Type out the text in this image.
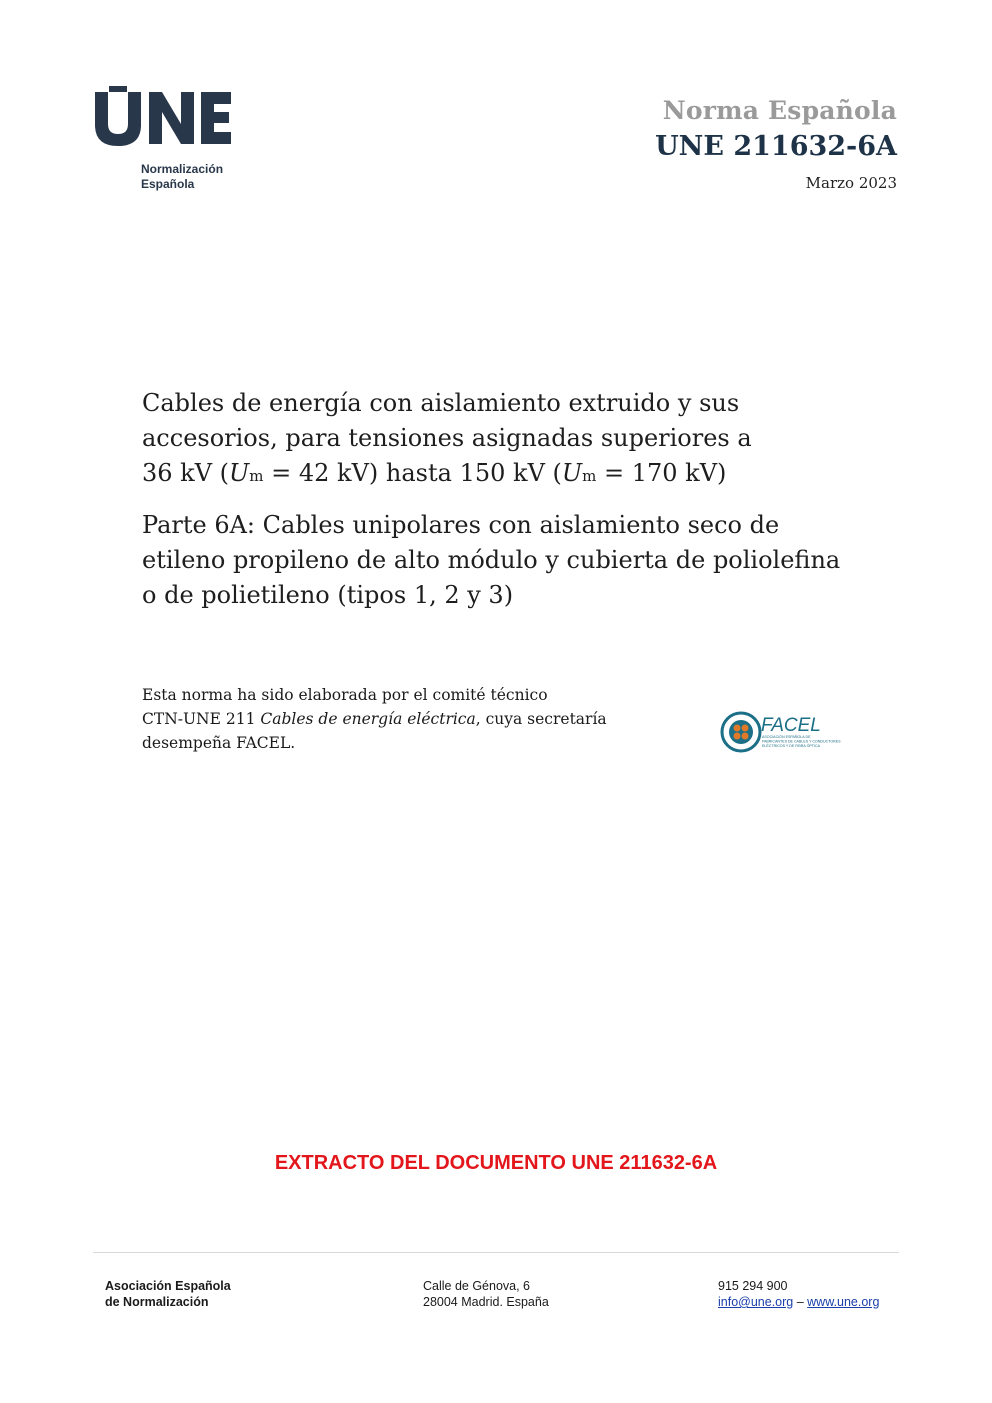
Normalización
Española
Norma Española
UNE 211632-6A
Marzo 2023

Cables de energía con aislamiento extruido y sus

accesorios, para tensiones asignadas superiores a

36 kV (Um = 42 kV) hasta 150 kV (Um = 170 kV)

Parte 6A: Cables unipolares con aislamiento seco de

etileno propileno de alto módulo y cubierta de poliolefina

o de polietileno (tipos 1, 2 y 3)

Esta norma ha sido elaborada por el comité técnico
CTN-UNE 211 Cables de energía eléctrica, cuya secretaría
desempeña FACEL.
FACEL
ASOCIACIÓN ESPAÑOLA DE
FABRICANTES DE CABLES Y CONDUCTORES
ELÉCTRICOS Y DE FIBRA ÓPTICA
EXTRACTO DEL DOCUMENTO UNE 211632-6A
Asociación Española
de Normalización
Calle de Génova, 6
28004 Madrid. España
915 294 900
info@une.org – www.une.org
